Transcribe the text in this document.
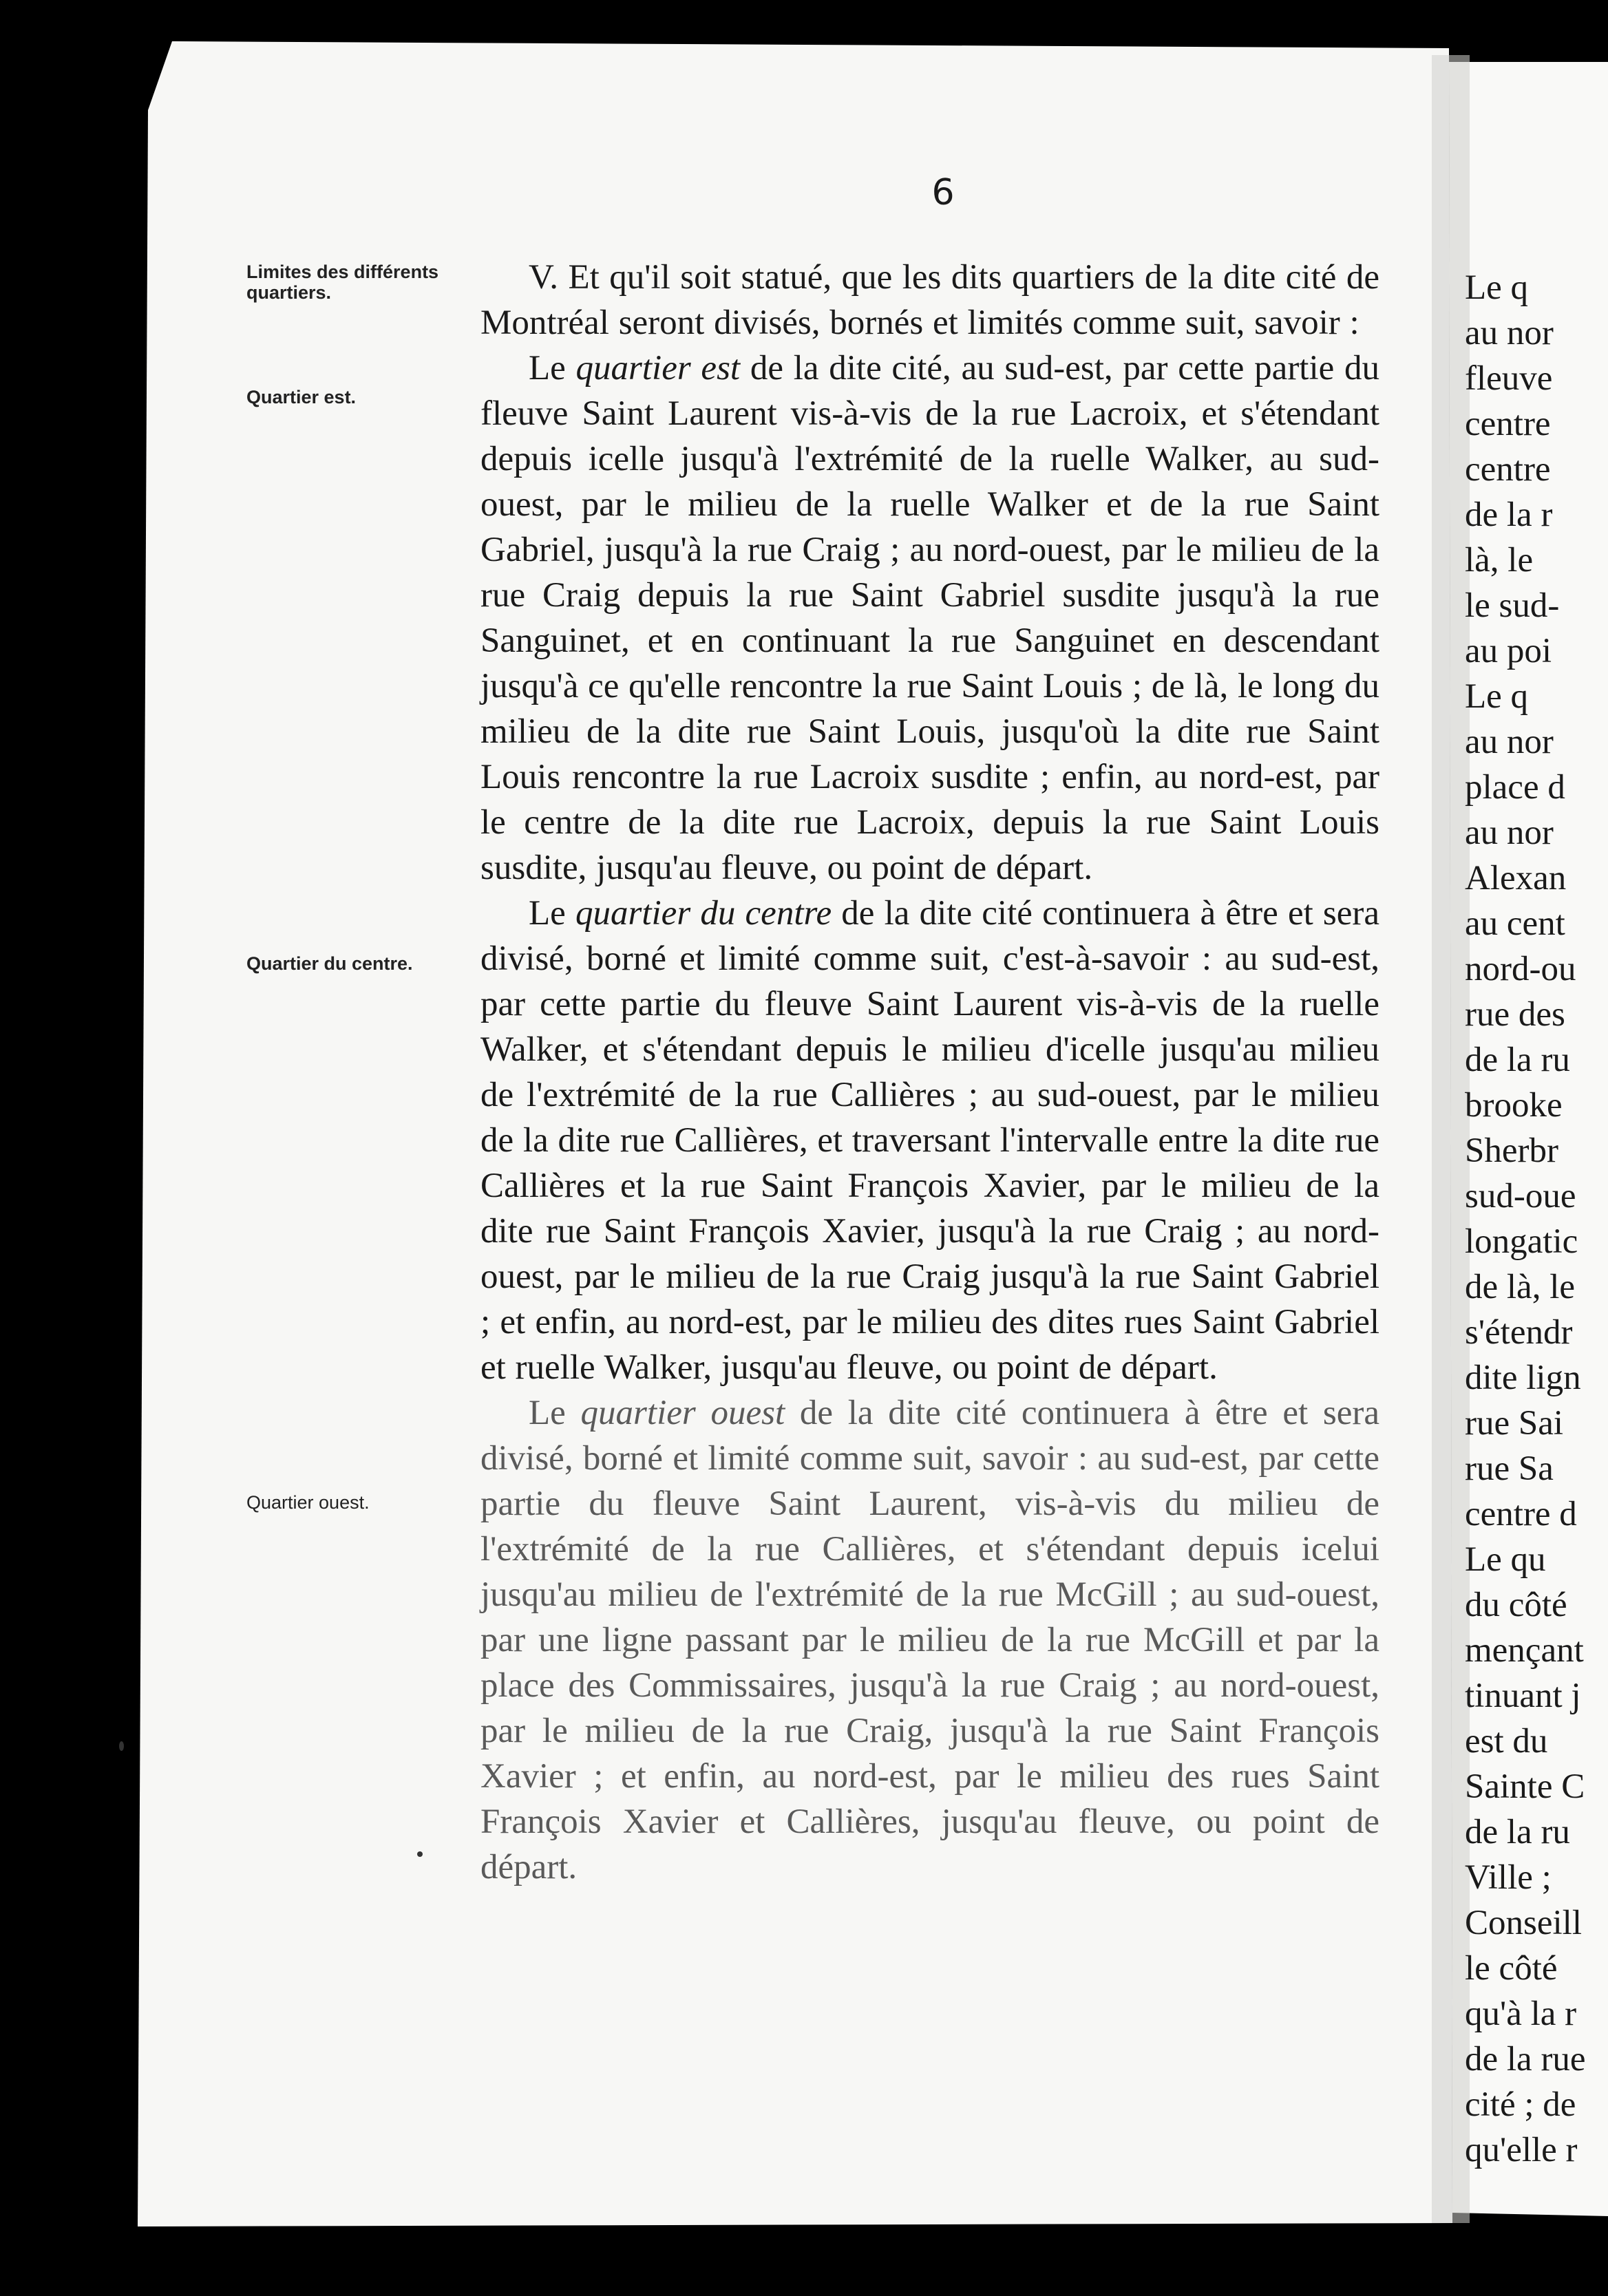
6
Limites des différents
quartiers.
Quartier est.
Quartier du centre.
Quartier ouest.

V. Et qu'il soit statué, que les dits quartiers de la dite cité de Montréal seront divisés, bornés et limités comme suit, savoir :

Le quartier est de la dite cité, au sud-est, par cette partie du fleuve Saint Laurent vis-à-vis de la rue Lacroix, et s'étendant depuis icelle jusqu'à l'extrémité de la ruelle Walker, au sud-ouest, par le milieu de la ruelle Walker et de la rue Saint Gabriel, jusqu'à la rue Craig ; au nord-ouest, par le milieu de la rue Craig depuis la rue Saint Gabriel susdite jusqu'à la rue Sanguinet, et en continuant la rue Sanguinet en descendant jusqu'à ce qu'elle rencontre la rue Saint Louis ; de là, le long du milieu de la dite rue Saint Louis, jusqu'où la dite rue Saint Louis rencontre la rue Lacroix susdite ; enfin, au nord-est, par le centre de la dite rue Lacroix, depuis la rue Saint Louis susdite, jusqu'au fleuve, ou point de départ.

Le quartier du centre de la dite cité continuera à être et sera divisé, borné et limité comme suit, c'est-à-savoir : au sud-est, par cette partie du fleuve Saint Laurent vis-à-vis de la ruelle Walker, et s'étendant depuis le milieu d'icelle jusqu'au milieu de l'extrémité de la rue Callières ; au sud-ouest, par le milieu de la dite rue Callières, et traversant l'intervalle entre la dite rue Callières et la rue Saint François Xavier, par le milieu de la dite rue Saint François Xavier, jusqu'à la rue Craig ; au nord-ouest, par le milieu de la rue Craig jusqu'à la rue Saint Gabriel ; et enfin, au nord-est, par le milieu des dites rues Saint Gabriel et ruelle Walker, jusqu'au fleuve, ou point de départ.

Le quartier ouest de la dite cité continuera à être et sera divisé, borné et limité comme suit, savoir : au sud-est, par cette partie du fleuve Saint Laurent, vis-à-vis du milieu de l'extrémité de la rue Callières, et s'étendant depuis icelui jusqu'au milieu de l'extrémité de la rue McGill ; au sud-ouest, par une ligne passant par le milieu de la rue McGill et par la place des Commissaires, jusqu'à la rue Craig ; au nord-ouest, par le milieu de la rue Craig, jusqu'à la rue Saint François Xavier ; et enfin, au nord-est, par le milieu des rues Saint François Xavier et Callières, jusqu'au fleuve, ou point de départ.

Le q
au nor
fleuve
centre
centre
de la r
là, le
le sud-
au poi
Le q
au nor
place d
au nor
Alexan
au cent
nord-ou
rue des
de la ru
brooke
Sherbr
sud-oue
longatic
de là, le
s'étendr
dite lign
rue Sai
rue Sa
centre d
Le qu
du côté
mençant
tinuant j
est du
Sainte C
de la ru
Ville ;
Conseill
le côté
qu'à la r
de la rue
cité ; de
qu'elle r
